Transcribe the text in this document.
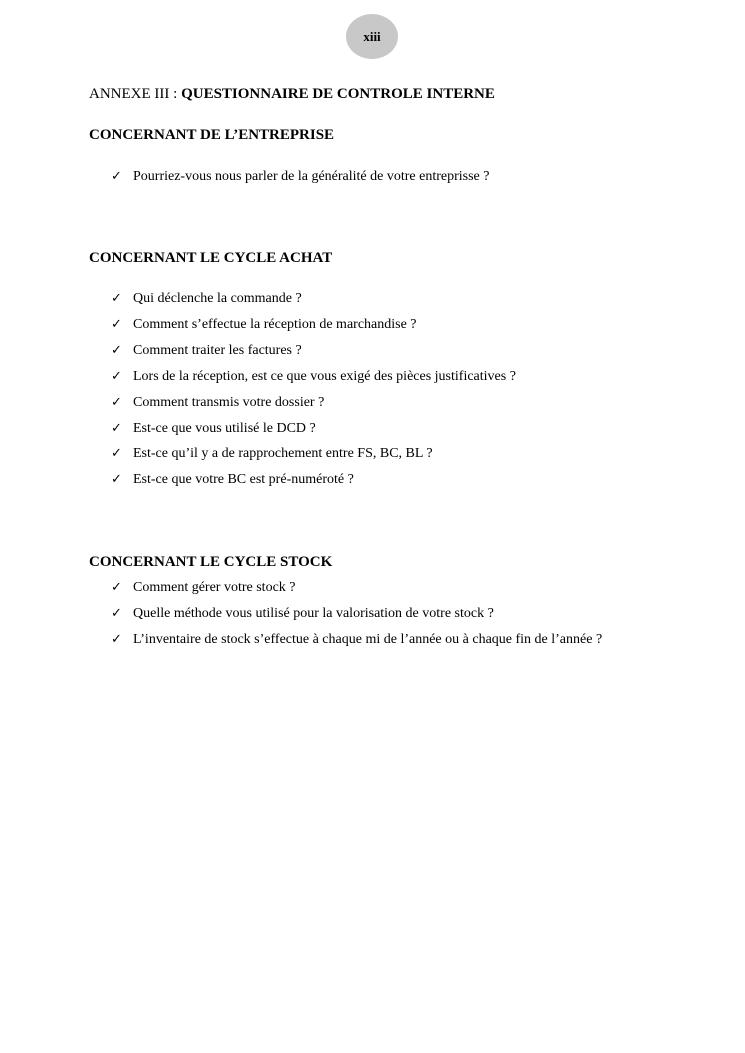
xiii
ANNEXE III : QUESTIONNAIRE DE CONTROLE INTERNE
CONCERNANT DE L’ENTREPRISE
✓ Pourriez-vous nous parler de la généralité de votre entreprisse ?
CONCERNANT LE CYCLE ACHAT
✓ Qui déclenche la commande ?
✓ Comment s’effectue la réception de marchandise ?
✓ Comment traiter les factures ?
✓ Lors de la réception, est ce que vous exigé des pièces justificatives ?
✓ Comment transmis votre dossier ?
✓ Est-ce que vous utilisé le DCD ?
✓ Est-ce qu’il y a de rapprochement entre FS, BC, BL ?
✓ Est-ce que votre BC est pré-numéroté ?
CONCERNANT LE CYCLE STOCK
✓ Comment gérer votre stock ?
✓ Quelle méthode vous utilisé pour la valorisation de votre stock ?
✓ L’inventaire de stock s’effectue à chaque mi de l’année ou à chaque fin de l’année ?
